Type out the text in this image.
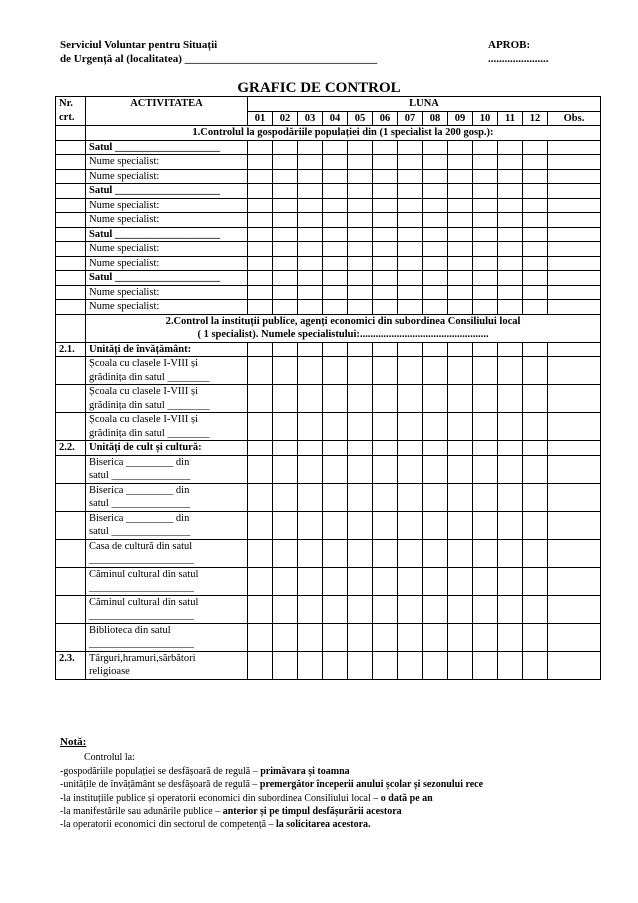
Serviciul Voluntar pentru Situații	APROB:
de Urgență al (localitatea) ___________________________________	......................
GRAFIC DE CONTROL
Nr. crt.	ACTIVITATEA	LUNA												
		01	02	03	04	05	06	07	08	09	10	11	12	Obs.

	1.Controlul la gospodăriile populației din (1 specialist la 200 gosp.):													

	Satul ____________________													
	Nume specialist:													
	Nume specialist:													
	Satul ____________________													
	Nume specialist:													
	Nume specialist:													
	Satul ____________________													
	Nume specialist:													
	Nume specialist:													
	Satul ____________________													
	Nume specialist:													
	Nume specialist:													

	2.Control la instituții publice, agenți economici din subordinea Consiliului local
( 1 specialist). Numele specialistului:.................................................													

2.1.	Unități de învățământ:													

	Școala cu clasele I-VIII și
grădinița din satul ________													

	Școala cu clasele I-VIII și
grădinița din satul ________													

	Școala cu clasele I-VIII și
grădinița din satul ________													

2.2.	Unități de cult și cultură:													

	Biserica _________ din
satul _______________													

	Biserica _________ din
satul _______________													

	Biserica _________ din
satul _______________													

	Casa de cultură din satul
____________________													

	Căminul cultural din satul
____________________													

	Căminul cultural din satul
____________________													

	Biblioteca din satul
____________________													

2.3.	Târguri,hramuri,sărbători
religioase													

Notă:
Controlul la:
-gospodăriile populației se desfășoară de regulă – primăvara și toamna
-unitățile de învățământ se desfășoară de regulă – premergător începerii anului școlar și sezonului rece
-la instituțiile publice și operatorii economici din subordinea Consiliului local – o dată pe an
-la manifestările sau adunările publice – anterior și pe timpul desfășurării acestora
-la operatorii economici din sectorul de competență – la solicitarea acestora.
